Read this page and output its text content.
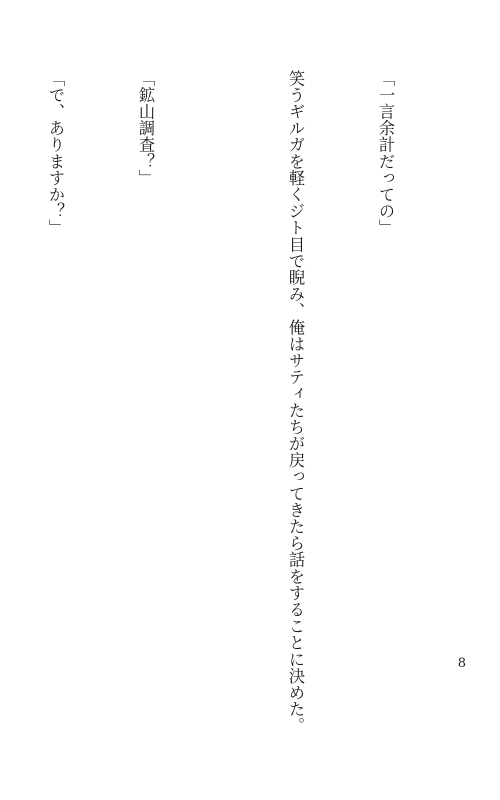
「一言余計だっての」

笑うギルガを軽くジト目で睨み、俺はサティたちが戻ってきたら話をすることに決めた。

「鉱山調査？」

「で、ありますか？」

8
